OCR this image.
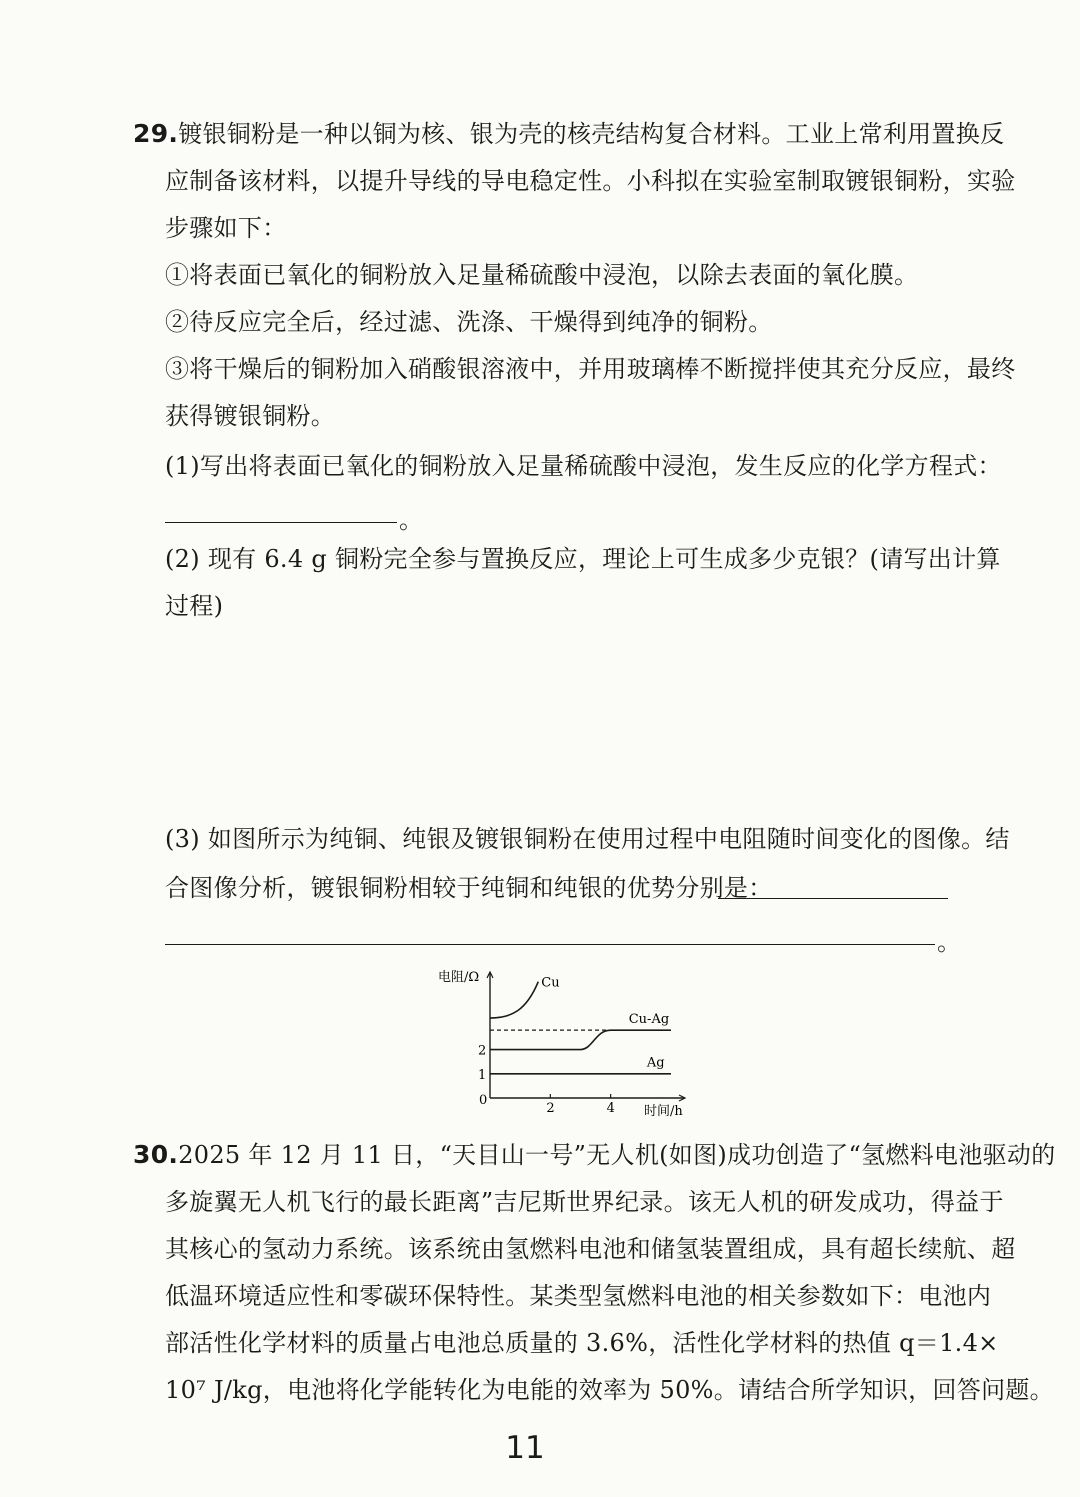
29.镀银铜粉是一种以铜为核、银为壳的核壳结构复合材料。工业上常利用置换反
应制备该材料，以提升导线的导电稳定性。小科拟在实验室制取镀银铜粉，实验
步骤如下：
①将表面已氧化的铜粉放入足量稀硫酸中浸泡，以除去表面的氧化膜。
②待反应完全后，经过滤、洗涤、干燥得到纯净的铜粉。
③将干燥后的铜粉加入硝酸银溶液中，并用玻璃棒不断搅拌使其充分反应，最终
获得镀银铜粉。
(1)写出将表面已氧化的铜粉放入足量稀硫酸中浸泡，发生反应的化学方程式：
。
(2) 现有 6.4 g 铜粉完全参与置换反应，理论上可生成多少克银？(请写出计算
过程)
(3) 如图所示为纯铜、纯银及镀银铜粉在使用过程中电阻随时间变化的图像。结
合图像分析，镀银铜粉相较于纯铜和纯银的优势分别是：
。
电阻/Ω
时间/h
0
2	4
1
2
Cu
Cu-Ag
Ag
30.2025 年 12 月 11 日，“天目山一号”无人机(如图)成功创造了“氢燃料电池驱动的
多旋翼无人机飞行的最长距离”吉尼斯世界纪录。该无人机的研发成功，得益于
其核心的氢动力系统。该系统由氢燃料电池和储氢装置组成，具有超长续航、超
低温环境适应性和零碳环保特性。某类型氢燃料电池的相关参数如下：电池内
部活性化学材料的质量占电池总质量的 3.6%，活性化学材料的热值 q＝1.4×
10⁷ J/kg，电池将化学能转化为电能的效率为 50%。请结合所学知识，回答问题。
11
